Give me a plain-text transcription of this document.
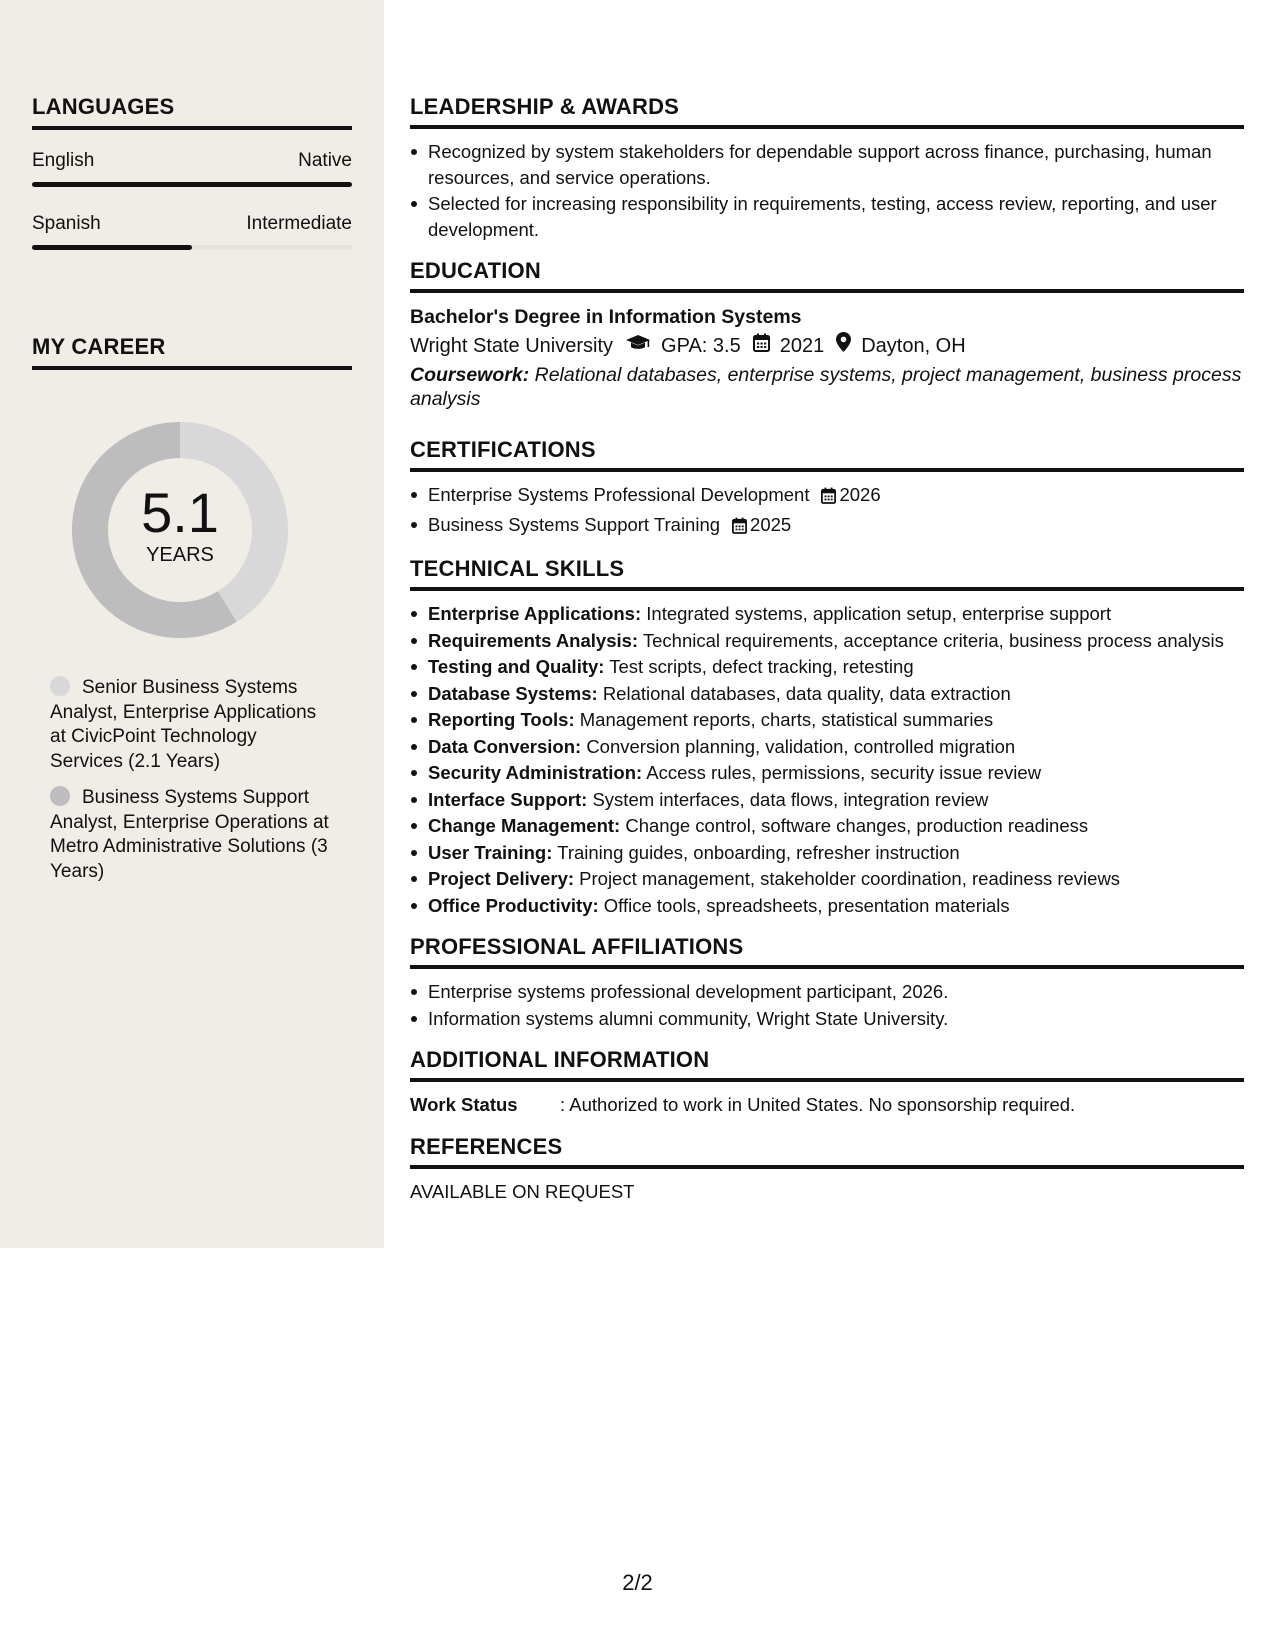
LANGUAGES
English	Native
Spanish	Intermediate
MY CAREER
5.1
YEARS
Senior Business Systems Analyst, Enterprise Applications at CivicPoint Technology Services (2.1 Years)
Business Systems Support Analyst, Enterprise Operations at Metro Administrative Solutions (3 Years)
LEADERSHIP & AWARDS
Recognized by system stakeholders for dependable support across finance, purchasing, human resources, and service operations.
Selected for increasing responsibility in requirements, testing, access review, reporting, and user development.
EDUCATION
Bachelor's Degree in Information Systems
Wright State University GPA: 3.5 2021 Dayton, OH
Coursework: Relational databases, enterprise systems, project management, business process analysis
CERTIFICATIONS
Enterprise Systems Professional Development 2026
Business Systems Support Training 2025
TECHNICAL SKILLS
Enterprise Applications: Integrated systems, application setup, enterprise support
Requirements Analysis: Technical requirements, acceptance criteria, business process analysis
Testing and Quality: Test scripts, defect tracking, retesting
Database Systems: Relational databases, data quality, data extraction
Reporting Tools: Management reports, charts, statistical summaries
Data Conversion: Conversion planning, validation, controlled migration
Security Administration: Access rules, permissions, security issue review
Interface Support: System interfaces, data flows, integration review
Change Management: Change control, software changes, production readiness
User Training: Training guides, onboarding, refresher instruction
Project Delivery: Project management, stakeholder coordination, readiness reviews
Office Productivity: Office tools, spreadsheets, presentation materials
PROFESSIONAL AFFILIATIONS
Enterprise systems professional development participant, 2026.
Information systems alumni community, Wright State University.
ADDITIONAL INFORMATION
Work Status	: Authorized to work in United States. No sponsorship required.
REFERENCES
AVAILABLE ON REQUEST
2/2
